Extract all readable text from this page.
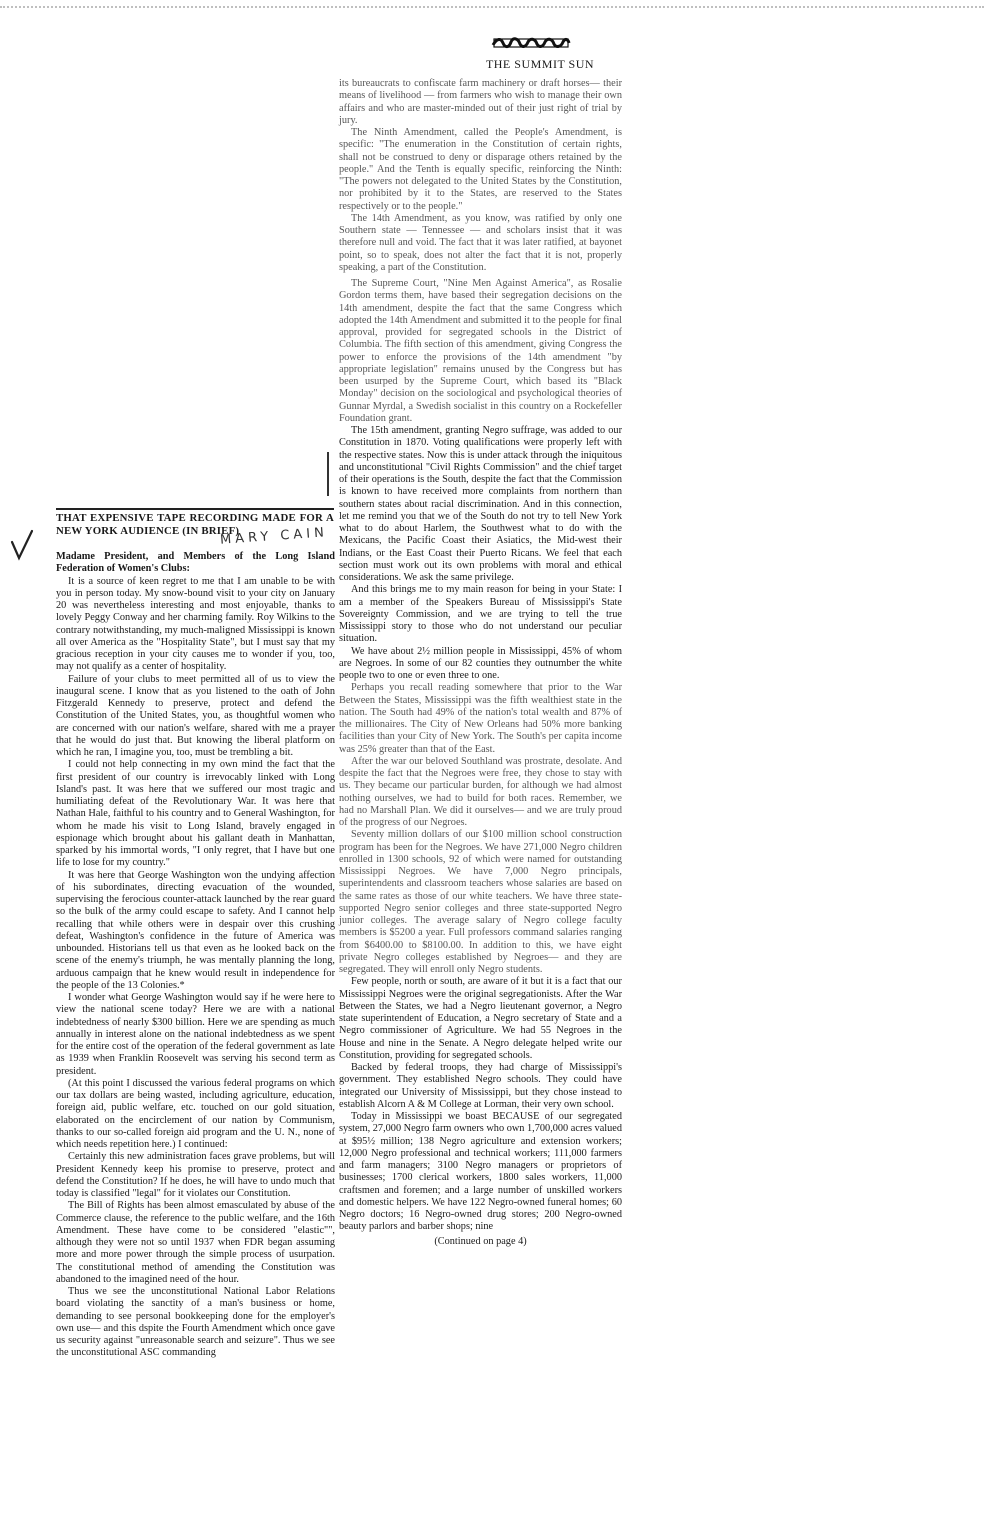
THE SUMMIT SUN
MARY CAIN
THAT EXPENSIVE TAPE RECORDING MADE FOR A NEW YORK AUDIENCE (IN BRIEF)

Madame President, and Members of the Long Island Federation of Women's Clubs:

It is a source of keen regret to me that I am unable to be with you in person today. My snow-bound visit to your city on January 20 was nevertheless interesting and most enjoyable, thanks to lovely Peggy Conway and her charming family. Roy Wilkins to the contrary notwithstanding, my much-maligned Mississippi is known all over America as the "Hospitality State", but I must say that my gracious reception in your city causes me to wonder if you, too, may not qualify as a center of hospitality.

Failure of your clubs to meet permitted all of us to view the inaugural scene. I know that as you listened to the oath of John Fitzgerald Kennedy to preserve, protect and defend the Constitution of the United States, you, as thoughtful women who are concerned with our nation's welfare, shared with me a prayer that he would do just that. But knowing the liberal platform on which he ran, I imagine you, too, must be trembling a bit.

I could not help connecting in my own mind the fact that the first president of our country is irrevocably linked with Long Island's past. It was here that we suffered our most tragic and humiliating defeat of the Revolutionary War. It was here that Nathan Hale, faithful to his country and to General Washington, for whom he made his visit to Long Island, bravely engaged in espionage which brought about his gallant death in Manhattan, sparked by his immortal words, "I only regret, that I have but one life to lose for my country."

It was here that George Washington won the undying affection of his subordinates, directing evacuation of the wounded, supervising the ferocious counter-attack launched by the rear guard so the bulk of the army could escape to safety. And I cannot help recalling that while others were in despair over this crushing defeat, Washington's confidence in the future of America was unbounded. Historians tell us that even as he looked back on the scene of the enemy's triumph, he was mentally planning the long, arduous campaign that he knew would result in independence for the people of the 13 Colonies.*

I wonder what George Washington would say if he were here to view the national scene today? Here we are with a national indebtedness of nearly $300 billion. Here we are spending as much annually in interest alone on the national indebtedness as we spent for the entire cost of the operation of the federal government as late as 1939 when Franklin Roosevelt was serving his second term as president.

(At this point I discussed the various federal programs on which our tax dollars are being wasted, including agriculture, education, foreign aid, public welfare, etc. touched on our gold situation, elaborated on the encirclement of our nation by Communism, thanks to our so-called foreign aid program and the U. N., none of which needs repetition here.) I continued:

Certainly this new administration faces grave problems, but will President Kennedy keep his promise to preserve, protect and defend the Constitution? If he does, he will have to undo much that today is classified "legal" for it violates our Constitution.

The Bill of Rights has been almost emasculated by abuse of the Commerce clause, the reference to the public welfare, and the 16th Amendment. These have come to be considered "elastic"", although they were not so until 1937 when FDR began assuming more and more power through the simple process of usurpation. The constitutional method of amending the Constitution was abandoned to the imagined need of the hour.

Thus we see the unconstitutional National Labor Relations board violating the sanctity of a man's business or home, demanding to see personal bookkeeping done for the employer's own use— and this dspite the Fourth Amendment which once gave us security against "unreasonable search and seizure". Thus we see the unconstitutional ASC commanding

its bureaucrats to confiscate farm machinery or draft horses— their means of livelihood — from farmers who wish to manage their own affairs and who are master-minded out of their just right of trial by jury.

The Ninth Amendment, called the People's Amendment, is specific: "The enumeration in the Constitution of certain rights, shall not be construed to deny or disparage others retained by the people." And the Tenth is equally specific, reinforcing the Ninth: "The powers not delegated to the United States by the Constitution, nor prohibited by it to the States, are reserved to the States respectively or to the people."

The 14th Amendment, as you know, was ratified by only one Southern state — Tennessee — and scholars insist that it was therefore null and void. The fact that it was later ratified, at bayonet point, so to speak, does not alter the fact that it is not, properly speaking, a part of the Constitution.

The Supreme Court, "Nine Men Against America", as Rosalie Gordon terms them, have based their segregation decisions on the 14th amendment, despite the fact that the same Congress which adopted the 14th Amendment and submitted it to the people for final approval, provided for segregated schools in the District of Columbia. The fifth section of this amendment, giving Congress the power to enforce the provisions of the 14th amendment "by appropriate legislation" remains unused by the Congress but has been usurped by the Supreme Court, which based its "Black Monday" decision on the sociological and psychological theories of Gunnar Myrdal, a Swedish socialist in this country on a Rockefeller Foundation grant.

The 15th amendment, granting Negro suffrage, was added to our Constitution in 1870. Voting qualifications were properly left with the respective states. Now this is under attack through the iniquitous and unconstitutional "Civil Rights Commission" and the chief target of their operations is the South, despite the fact that the Commission is known to have received more complaints from northern than southern states about racial discrimination. And in this connection, let me remind you that we of the South do not try to tell New York what to do about Harlem, the Southwest what to do with the Mexicans, the Pacific Coast their Asiatics, the Mid-west their Indians, or the East Coast their Puerto Ricans. We feel that each section must work out its own problems with moral and ethical considerations. We ask the same privilege.

And this brings me to my main reason for being in your State: I am a member of the Speakers Bureau of Mississippi's State Sovereignty Commission, and we are trying to tell the true Mississippi story to those who do not understand our peculiar situation.

We have about 2½ million people in Mississippi, 45% of whom are Negroes. In some of our 82 counties they outnumber the white people two to one or even three to one.

Perhaps you recall reading somewhere that prior to the War Between the States, Mississippi was the fifth wealthiest state in the nation. The South had 49% of the nation's total wealth and 87% of the millionaires. The City of New Orleans had 50% more banking facilities than your City of New York. The South's per capita income was 25% greater than that of the East.

After the war our beloved Southland was prostrate, desolate. And despite the fact that the Negroes were free, they chose to stay with us. They became our particular burden, for although we had almost nothing ourselves, we had to build for both races. Remember, we had no Marshall Plan. We did it ourselves— and we are truly proud of the progress of our Negroes.

Seventy million dollars of our $100 million school construction program has been for the Negroes. We have 271,000 Negro children enrolled in 1300 schools, 92 of which were named for outstanding Mississippi Negroes. We have 7,000 Negro principals, superintendents and classroom teachers whose salaries are based on the same rates as those of our white teachers. We have three state-supported Negro senior colleges and three state-supported Negro junior colleges. The average salary of Negro college faculty members is $5200 a year. Full professors command salaries ranging from $6400.00 to $8100.00. In addition to this, we have eight private Negro colleges established by Negroes— and they are segregated. They will enroll only Negro students.

Few people, north or south, are aware of it but it is a fact that our Mississippi Negroes were the original segregationists. After the War Between the States, we had a Negro lieutenant governor, a Negro state superintendent of Education, a Negro secretary of State and a Negro commissioner of Agriculture. We had 55 Negroes in the House and nine in the Senate. A Negro delegate helped write our Constitution, providing for segregated schools.

Backed by federal troops, they had charge of Mississippi's government. They established Negro schools. They could have integrated our University of Mississippi, but they chose instead to establish Alcorn A & M College at Lorman, their very own school.

Today in Mississippi we boast BECAUSE of our segregated system, 27,000 Negro farm owners who own 1,700,000 acres valued at $95½ million; 138 Negro agriculture and extension workers; 12,000 Negro professional and technical workers; 111,000 farmers and farm managers; 3100 Negro managers or proprietors of businesses; 1700 clerical workers, 1800 sales workers, 11,000 craftsmen and foremen; and a large number of unskilled workers and domestic helpers. We have 122 Negro-owned funeral homes; 60 Negro doctors; 16 Negro-owned drug stores; 200 Negro-owned beauty parlors and barber shops; nine

(Continued on page 4)
